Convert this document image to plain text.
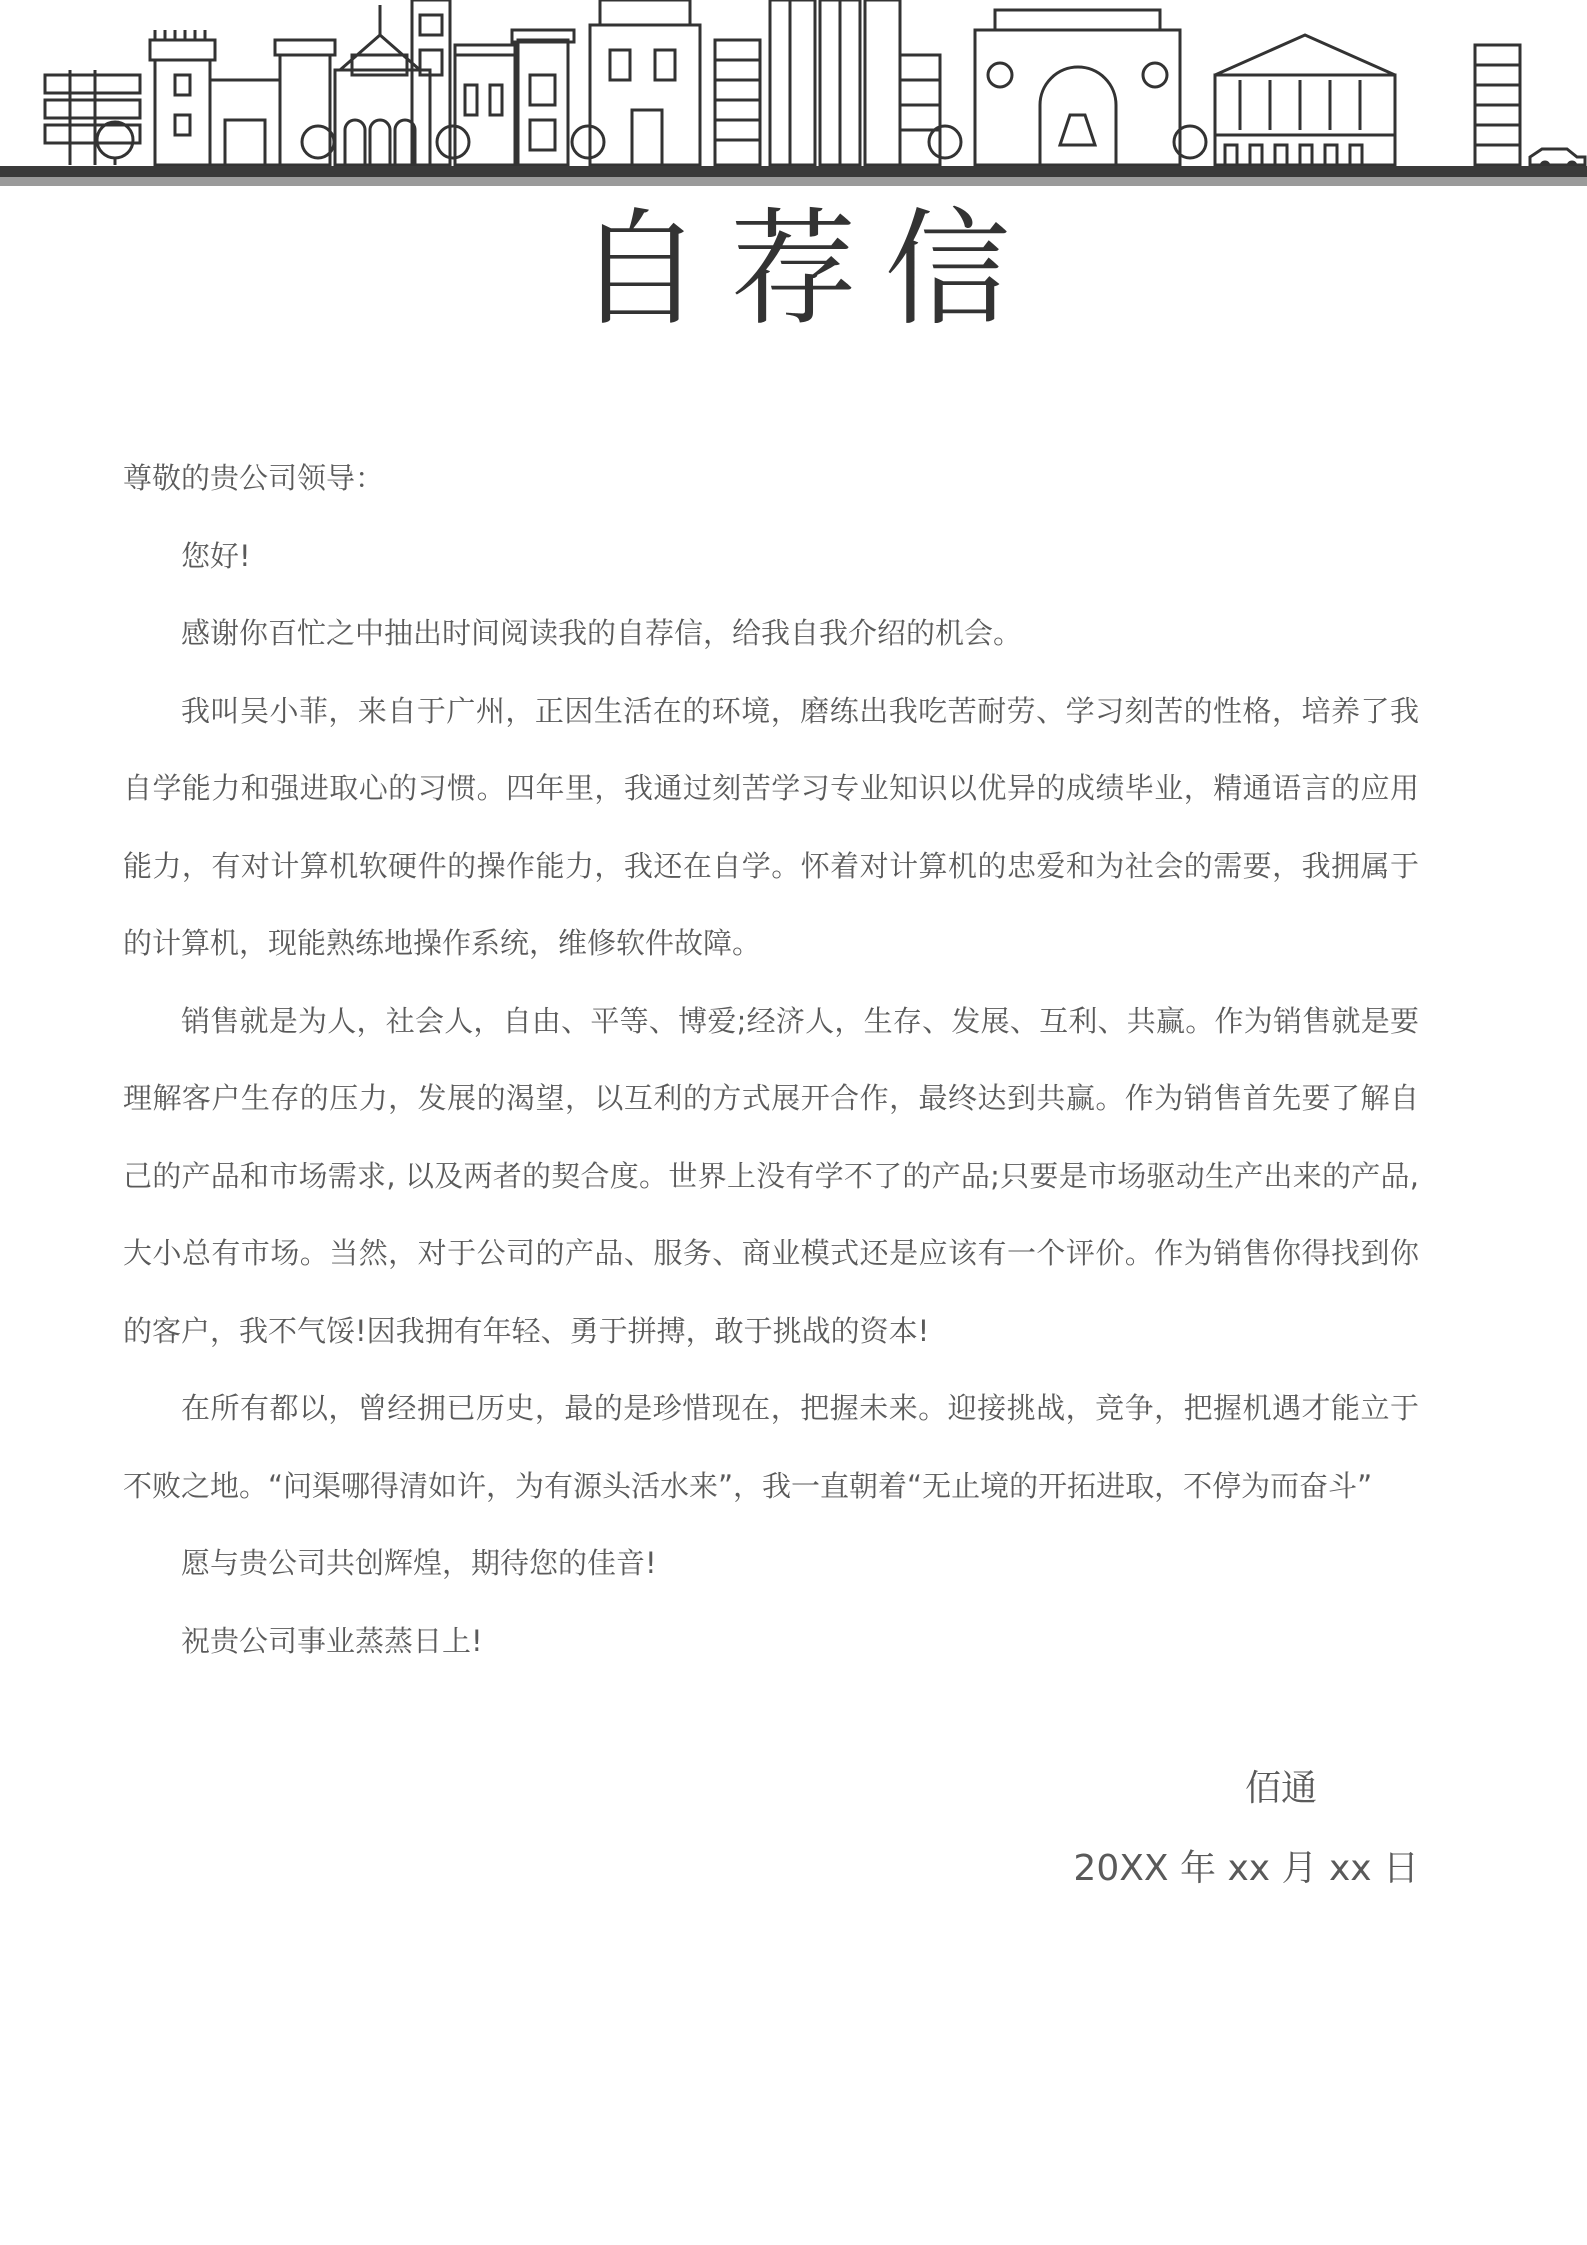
自荐信

尊敬的贵公司领导：

您好!

感谢你百忙之中抽出时间阅读我的自荐信，给我自我介绍的机会。

我叫吴小菲，来自于广州，正因生活在的环境，磨练出我吃苦耐劳、学习刻苦的性格，培养了我自学能力和强进取心的习惯。四年里，我通过刻苦学习专业知识以优异的成绩毕业，精通语言的应用能力，有对计算机软硬件的操作能力，我还在自学。怀着对计算机的忠爱和为社会的需要，我拥属于的计算机，现能熟练地操作系统，维修软件故障。

销售就是为人，社会人，自由、平等、博爱;经济人，生存、发展、互利、共赢。作为销售就是要理解客户生存的压力，发展的渴望，以互利的方式展开合作，最终达到共赢。作为销售首先要了解自己的产品和市场需求, 以及两者的契合度。世界上没有学不了的产品;只要是市场驱动生产出来的产品, 大小总有市场。当然，对于公司的产品、服务、商业模式还是应该有一个评价。作为销售你得找到你的客户，我不气馁!因我拥有年轻、勇于拼搏，敢于挑战的资本!

在所有都以，曾经拥已历史，最的是珍惜现在，把握未来。迎接挑战，竞争，把握机遇才能立于不败之地。“问渠哪得清如许，为有源头活水来”，我一直朝着“无止境的开拓进取，不停为而奋斗”

愿与贵公司共创辉煌，期待您的佳音!

祝贵公司事业蒸蒸日上!

佰通
20XX 年 xx 月 xx 日
